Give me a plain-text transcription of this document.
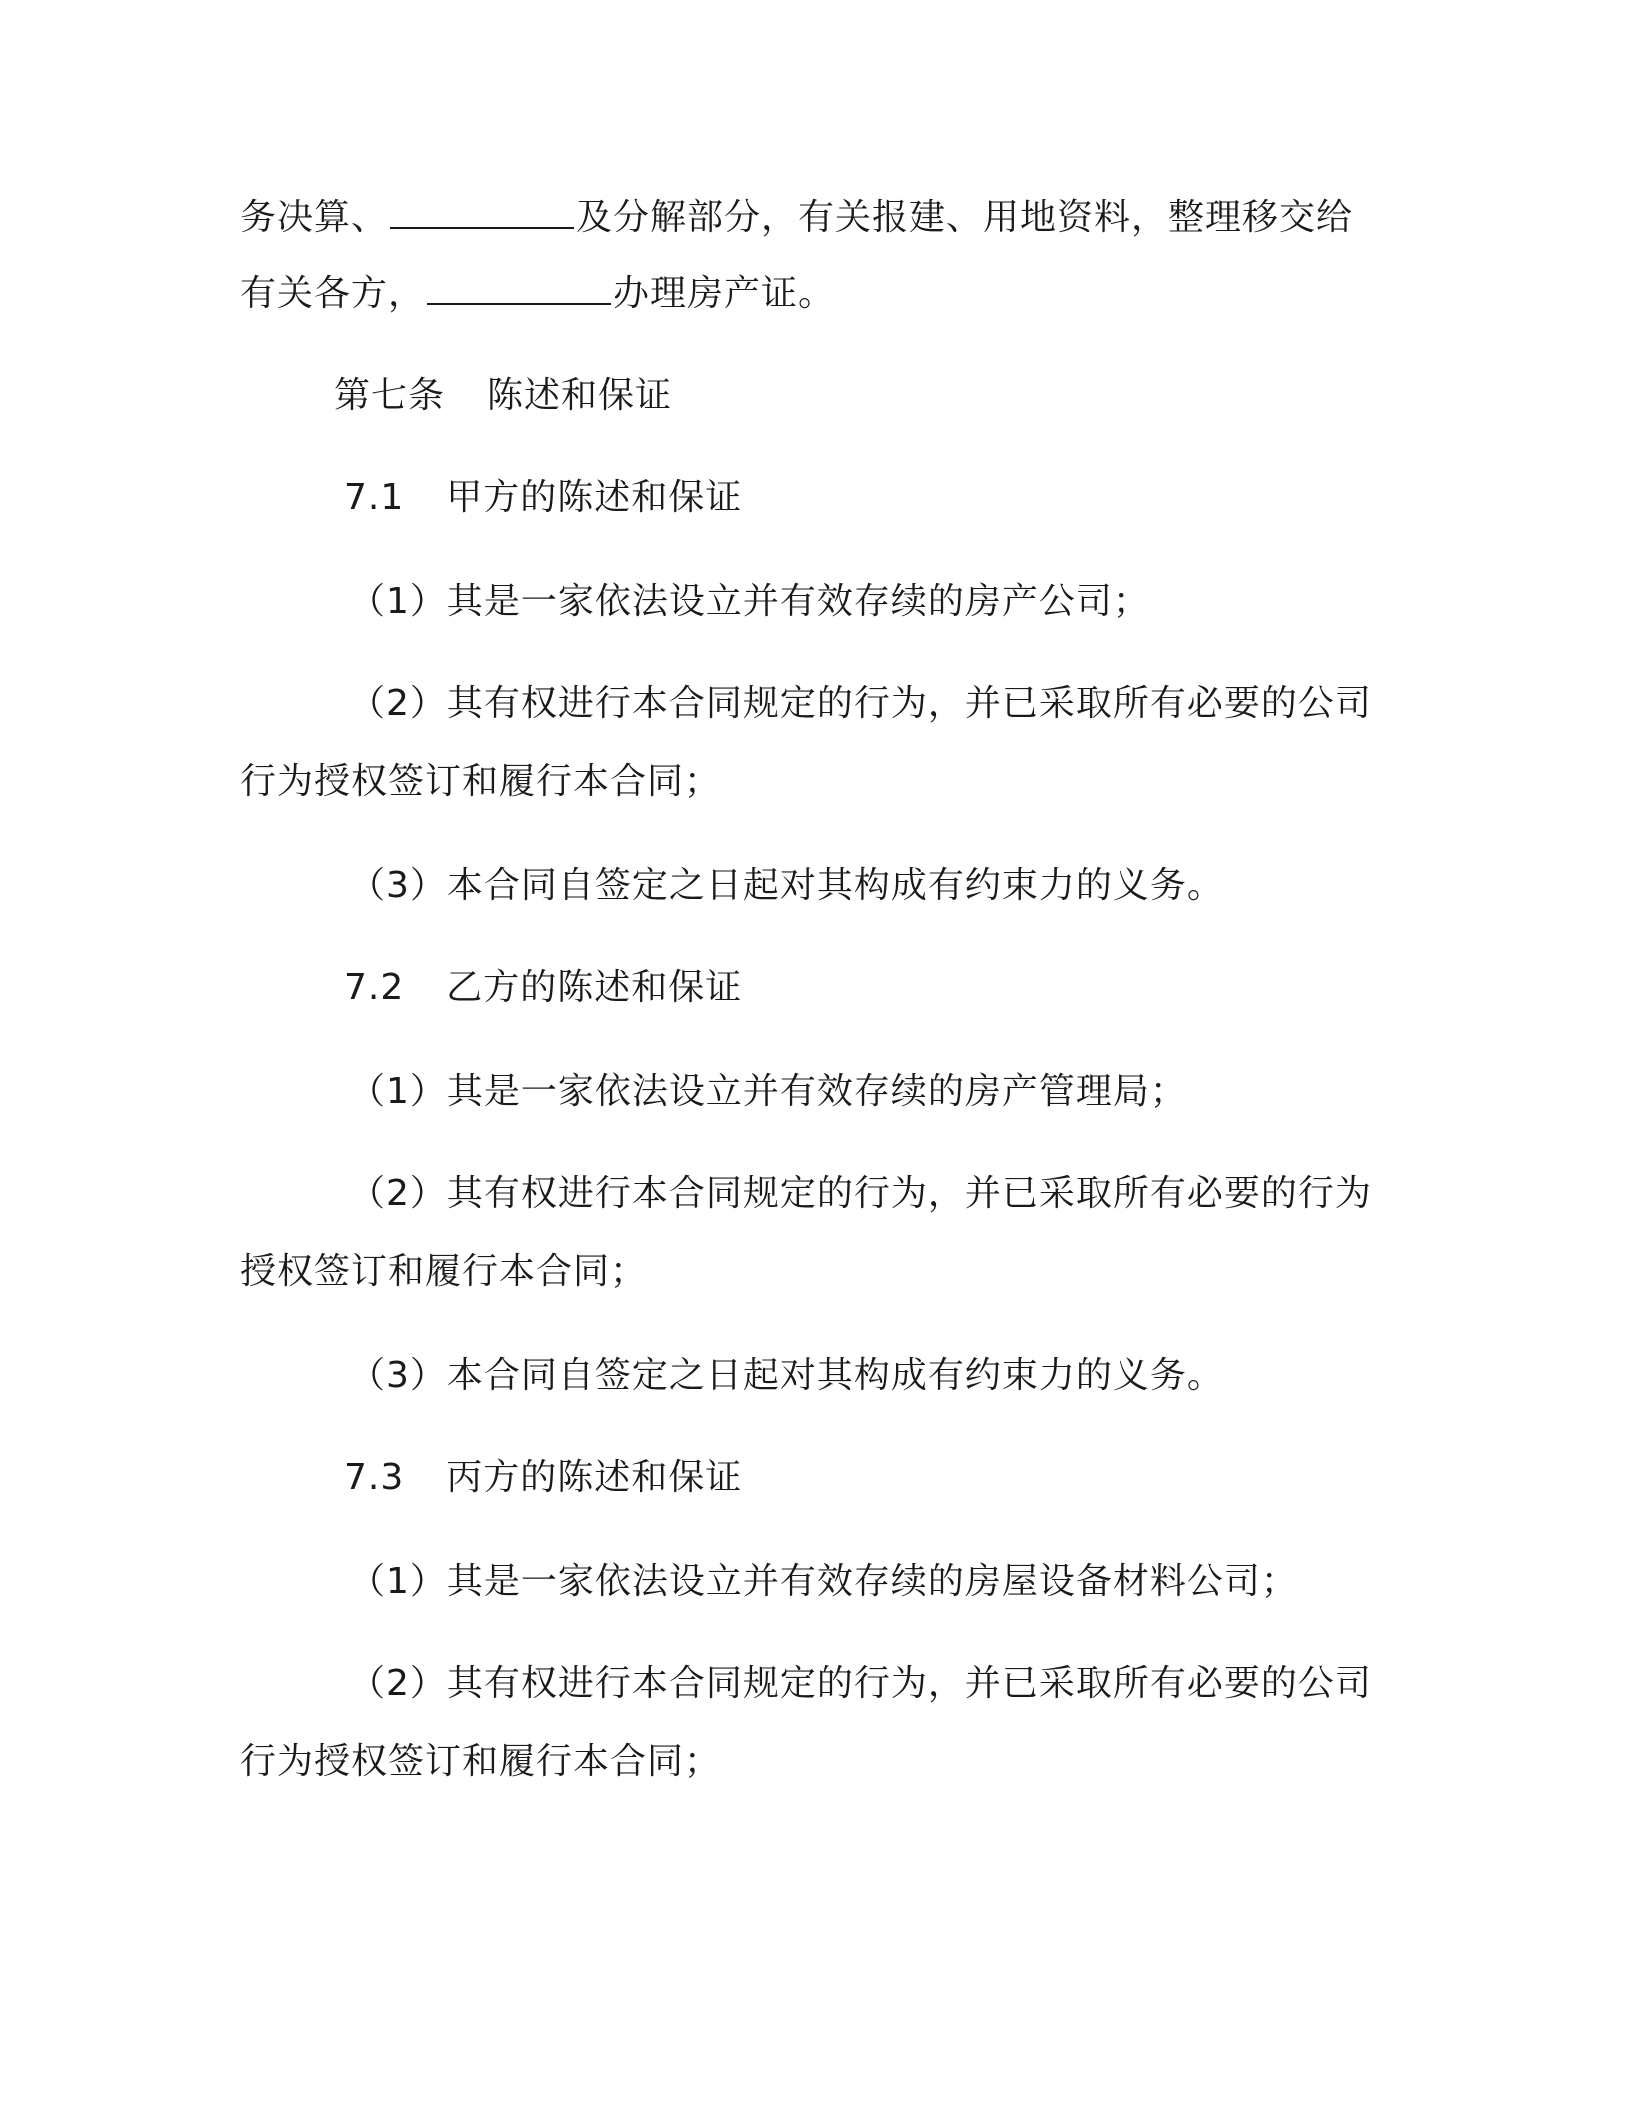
务决算、	及分解部分，有关报建、用地资料，整理移交给
有关各方，	办理房产证。
第七条 陈述和保证
7.1 甲方的陈述和保证
（1）其是一家依法设立并有效存续的房产公司；
（2）其有权进行本合同规定的行为，并已采取所有必要的公司
行为授权签订和履行本合同；
（3）本合同自签定之日起对其构成有约束力的义务。
7.2 乙方的陈述和保证
（1）其是一家依法设立并有效存续的房产管理局；
（2）其有权进行本合同规定的行为，并已采取所有必要的行为
授权签订和履行本合同；
（3）本合同自签定之日起对其构成有约束力的义务。
7.3 丙方的陈述和保证
（1）其是一家依法设立并有效存续的房屋设备材料公司；
（2）其有权进行本合同规定的行为，并已采取所有必要的公司
行为授权签订和履行本合同；
